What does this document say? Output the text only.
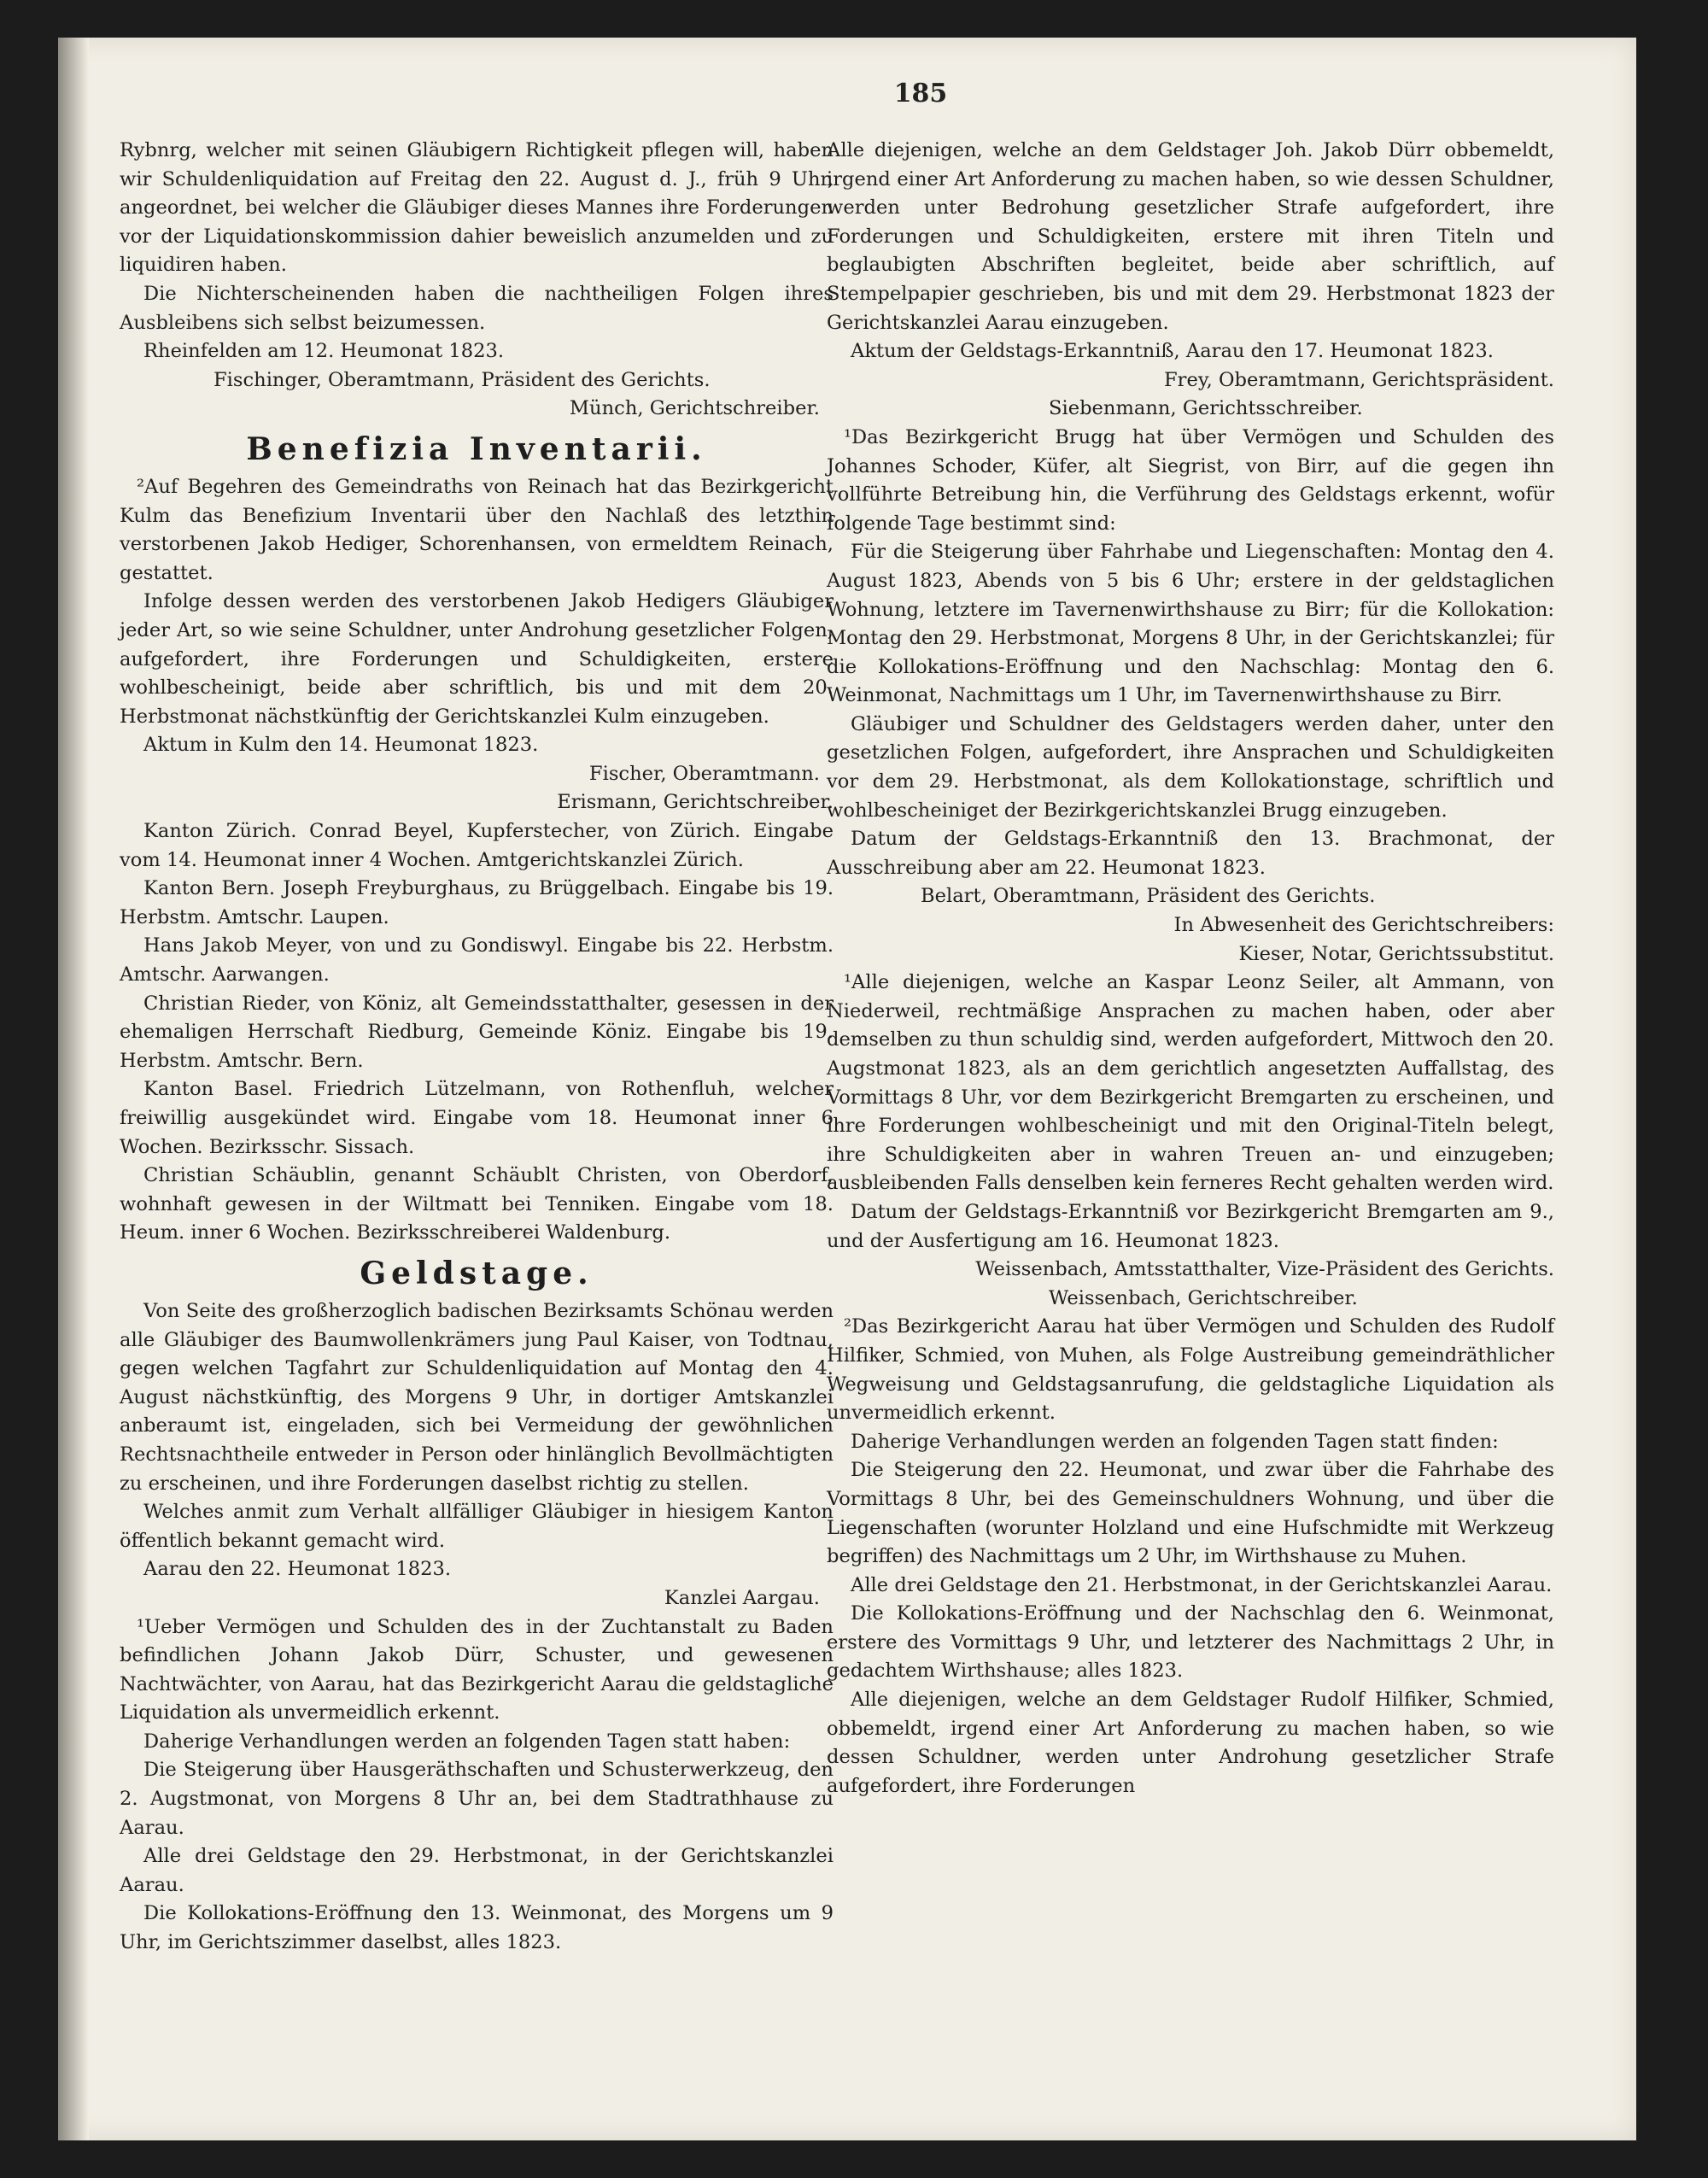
185

Rybnrg, welcher mit seinen Gläubigern Richtigkeit pflegen will, haben wir Schuldenliquidation auf Freitag den 22. August d. J., früh 9 Uhr, angeordnet, bei welcher die Gläubiger dieses Mannes ihre Forderungen vor der Liquidationskommission dahier beweislich anzumelden und zu liquidiren haben.

Die Nichterscheinenden haben die nachtheiligen Folgen ihres Ausbleibens sich selbst beizumessen.

Rheinfelden am 12. Heumonat 1823.

Fischinger, Oberamtmann, Präsident des Gerichts.
Münch, Gerichtschreiber.
Benefizia Inventarii.

²Auf Begehren des Gemeindraths von Reinach hat das Bezirkgericht Kulm das Benefizium Inventarii über den Nachlaß des letzthin verstorbenen Jakob Hediger, Schorenhansen, von ermeldtem Reinach, gestattet.

Infolge dessen werden des verstorbenen Jakob Hedigers Gläubiger jeder Art, so wie seine Schuldner, unter Androhung gesetzlicher Folgen, aufgefordert, ihre Forderungen und Schuldigkeiten, erstere wohlbescheinigt, beide aber schriftlich, bis und mit dem 20. Herbstmonat nächstkünftig der Gerichtskanzlei Kulm einzugeben.

Aktum in Kulm den 14. Heumonat 1823.

Fischer, Oberamtmann.
Erismann, Gerichtschreiber.

Kanton Zürich. Conrad Beyel, Kupferstecher, von Zürich. Eingabe vom 14. Heumonat inner 4 Wochen. Amtgerichtskanzlei Zürich.

Kanton Bern. Joseph Freyburghaus, zu Brüggelbach. Eingabe bis 19. Herbstm. Amtschr. Laupen.

Hans Jakob Meyer, von und zu Gondiswyl. Eingabe bis 22. Herbstm. Amtschr. Aarwangen.

Christian Rieder, von Köniz, alt Gemeindsstatthalter, gesessen in der ehemaligen Herrschaft Riedburg, Gemeinde Köniz. Eingabe bis 19. Herbstm. Amtschr. Bern.

Kanton Basel. Friedrich Lützelmann, von Rothenfluh, welcher freiwillig ausgekündet wird. Eingabe vom 18. Heumonat inner 6 Wochen. Bezirksschr. Sissach.

Christian Schäublin, genannt Schäublt Christen, von Oberdorf, wohnhaft gewesen in der Wiltmatt bei Tenniken. Eingabe vom 18. Heum. inner 6 Wochen. Bezirksschreiberei Waldenburg.

Geldstage.

Von Seite des großherzoglich badischen Bezirksamts Schönau werden alle Gläubiger des Baumwollenkrämers jung Paul Kaiser, von Todtnau, gegen welchen Tagfahrt zur Schuldenliquidation auf Montag den 4. August nächstkünftig, des Morgens 9 Uhr, in dortiger Amtskanzlei anberaumt ist, eingeladen, sich bei Vermeidung der gewöhnlichen Rechtsnachtheile entweder in Person oder hinlänglich Bevollmächtigten zu erscheinen, und ihre Forderungen daselbst richtig zu stellen.

Welches anmit zum Verhalt allfälliger Gläubiger in hiesigem Kanton öffentlich bekannt gemacht wird.

Aarau den 22. Heumonat 1823.

Kanzlei Aargau.

¹Ueber Vermögen und Schulden des in der Zuchtanstalt zu Baden befindlichen Johann Jakob Dürr, Schuster, und gewesenen Nachtwächter, von Aarau, hat das Bezirkgericht Aarau die geldstagliche Liquidation als unvermeidlich erkennt.

Daherige Verhandlungen werden an folgenden Tagen statt haben:

Die Steigerung über Hausgeräthschaften und Schusterwerkzeug, den 2. Augstmonat, von Morgens 8 Uhr an, bei dem Stadtrathhause zu Aarau.

Alle drei Geldstage den 29. Herbstmonat, in der Gerichtskanzlei Aarau.

Die Kollokations-Eröffnung den 13. Weinmonat, des Morgens um 9 Uhr, im Gerichtszimmer daselbst, alles 1823.

Alle diejenigen, welche an dem Geldstager Joh. Jakob Dürr obbemeldt, irgend einer Art Anforderung zu machen haben, so wie dessen Schuldner, werden unter Bedrohung gesetzlicher Strafe aufgefordert, ihre Forderungen und Schuldigkeiten, erstere mit ihren Titeln und beglaubigten Abschriften begleitet, beide aber schriftlich, auf Stempelpapier geschrieben, bis und mit dem 29. Herbstmonat 1823 der Gerichtskanzlei Aarau einzugeben.

Aktum der Geldstags-Erkanntniß, Aarau den 17. Heumonat 1823.

Frey, Oberamtmann, Gerichtspräsident.
Siebenmann, Gerichtsschreiber.

¹Das Bezirkgericht Brugg hat über Vermögen und Schulden des Johannes Schoder, Küfer, alt Siegrist, von Birr, auf die gegen ihn vollführte Betreibung hin, die Verführung des Geldstags erkennt, wofür folgende Tage bestimmt sind:

Für die Steigerung über Fahrhabe und Liegenschaften: Montag den 4. August 1823, Abends von 5 bis 6 Uhr; erstere in der geldstaglichen Wohnung, letztere im Tavernenwirthshause zu Birr; für die Kollokation: Montag den 29. Herbstmonat, Morgens 8 Uhr, in der Gerichtskanzlei; für die Kollokations-Eröffnung und den Nachschlag: Montag den 6. Weinmonat, Nachmittags um 1 Uhr, im Tavernenwirthshause zu Birr.

Gläubiger und Schuldner des Geldstagers werden daher, unter den gesetzlichen Folgen, aufgefordert, ihre Ansprachen und Schuldigkeiten vor dem 29. Herbstmonat, als dem Kollokationstage, schriftlich und wohlbescheiniget der Bezirkgerichtskanzlei Brugg einzugeben.

Datum der Geldstags-Erkanntniß den 13. Brachmonat, der Ausschreibung aber am 22. Heumonat 1823.

Belart, Oberamtmann, Präsident des Gerichts.
In Abwesenheit des Gerichtschreibers:
Kieser, Notar, Gerichtssubstitut.

¹Alle diejenigen, welche an Kaspar Leonz Seiler, alt Ammann, von Niederweil, rechtmäßige Ansprachen zu machen haben, oder aber demselben zu thun schuldig sind, werden aufgefordert, Mittwoch den 20. Augstmonat 1823, als an dem gerichtlich angesetzten Auffallstag, des Vormittags 8 Uhr, vor dem Bezirkgericht Bremgarten zu erscheinen, und ihre Forderungen wohlbescheinigt und mit den Original-Titeln belegt, ihre Schuldigkeiten aber in wahren Treuen an- und einzugeben; ausbleibenden Falls denselben kein ferneres Recht gehalten werden wird.

Datum der Geldstags-Erkanntniß vor Bezirkgericht Bremgarten am 9., und der Ausfertigung am 16. Heumonat 1823.

Weissenbach, Amtsstatthalter, Vize-Präsident des Gerichts.
Weissenbach, Gerichtschreiber.

²Das Bezirkgericht Aarau hat über Vermögen und Schulden des Rudolf Hilfiker, Schmied, von Muhen, als Folge Austreibung gemeindräthlicher Wegweisung und Geldstagsanrufung, die geldstagliche Liquidation als unvermeidlich erkennt.

Daherige Verhandlungen werden an folgenden Tagen statt finden:

Die Steigerung den 22. Heumonat, und zwar über die Fahrhabe des Vormittags 8 Uhr, bei des Gemeinschuldners Wohnung, und über die Liegenschaften (worunter Holzland und eine Hufschmidte mit Werkzeug begriffen) des Nachmittags um 2 Uhr, im Wirthshause zu Muhen.

Alle drei Geldstage den 21. Herbstmonat, in der Gerichtskanzlei Aarau.

Die Kollokations-Eröffnung und der Nachschlag den 6. Weinmonat, erstere des Vormittags 9 Uhr, und letzterer des Nachmittags 2 Uhr, in gedachtem Wirthshause; alles 1823.

Alle diejenigen, welche an dem Geldstager Rudolf Hilfiker, Schmied, obbemeldt, irgend einer Art Anforderung zu machen haben, so wie dessen Schuldner, werden unter Androhung gesetzlicher Strafe aufgefordert, ihre Forderungen
